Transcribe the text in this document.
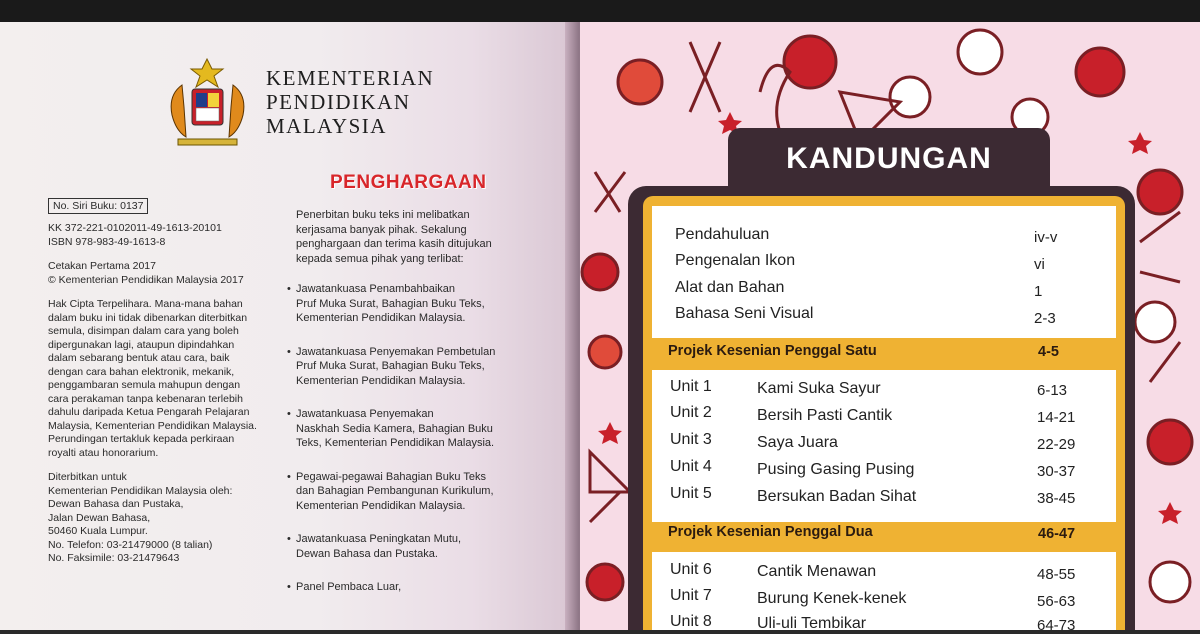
KEMENTERIAN
PENDIDIKAN
MALAYSIA
No. Siri Buku: 0137

KK 372-221-0102011-49-1613-20101
ISBN 978-983-49-1613-8

Cetakan Pertama 2017
© Kementerian Pendidikan Malaysia 2017

Hak Cipta Terpelihara. Mana-mana bahan
dalam buku ini tidak dibenarkan diterbitkan
semula, disimpan dalam cara yang boleh
dipergunakan lagi, ataupun dipindahkan
dalam sebarang bentuk atau cara, baik
dengan cara bahan elektronik, mekanik,
penggambaran semula mahupun dengan
cara perakaman tanpa kebenaran terlebih
dahulu daripada Ketua Pengarah Pelajaran
Malaysia, Kementerian Pendidikan Malaysia.
Perundingan tertakluk kepada perkiraan
royalti atau honorarium.

Diterbitkan untuk
Kementerian Pendidikan Malaysia oleh:
Dewan Bahasa dan Pustaka,
Jalan Dewan Bahasa,
50460 Kuala Lumpur.
No. Telefon: 03-21479000 (8 talian)
No. Faksimile: 03-21479643

PENGHARGAAN

Penerbitan buku teks ini melibatkan
kerjasama banyak pihak. Sekalung
penghargaan dan terima kasih ditujukan
kepada semua pihak yang terlibat:

• Jawatankuasa Penambahbaikan
Pruf Muka Surat, Bahagian Buku Teks,
Kementerian Pendidikan Malaysia.
• Jawatankuasa Penyemakan Pembetulan
Pruf Muka Surat, Bahagian Buku Teks,
Kementerian Pendidikan Malaysia.
• Jawatankuasa Penyemakan
Naskhah Sedia Kamera, Bahagian Buku
Teks, Kementerian Pendidikan Malaysia.
• Pegawai-pegawai Bahagian Buku Teks
dan Bahagian Pembangunan Kurikulum,
Kementerian Pendidikan Malaysia.
• Jawatankuasa Peningkatan Mutu,
Dewan Bahasa dan Pustaka.
• Panel Pembaca Luar,
KANDUNGAN
Pendahuluan	iv-v
Pengenalan Ikon	vi
Alat dan Bahan	1
Bahasa Seni Visual	2-3
Projek Kesenian Penggal Satu	4-5
Unit 1	Kami Suka Sayur	6-13
Unit 2	Bersih Pasti Cantik	14-21
Unit 3	Saya Juara	22-29
Unit 4	Pusing Gasing Pusing	30-37
Unit 5	Bersukan Badan Sihat	38-45
Projek Kesenian Penggal Dua	46-47
Unit 6	Cantik Menawan	48-55
Unit 7	Burung Kenek-kenek	56-63
Unit 8	Uli-uli Tembikar	64-73
